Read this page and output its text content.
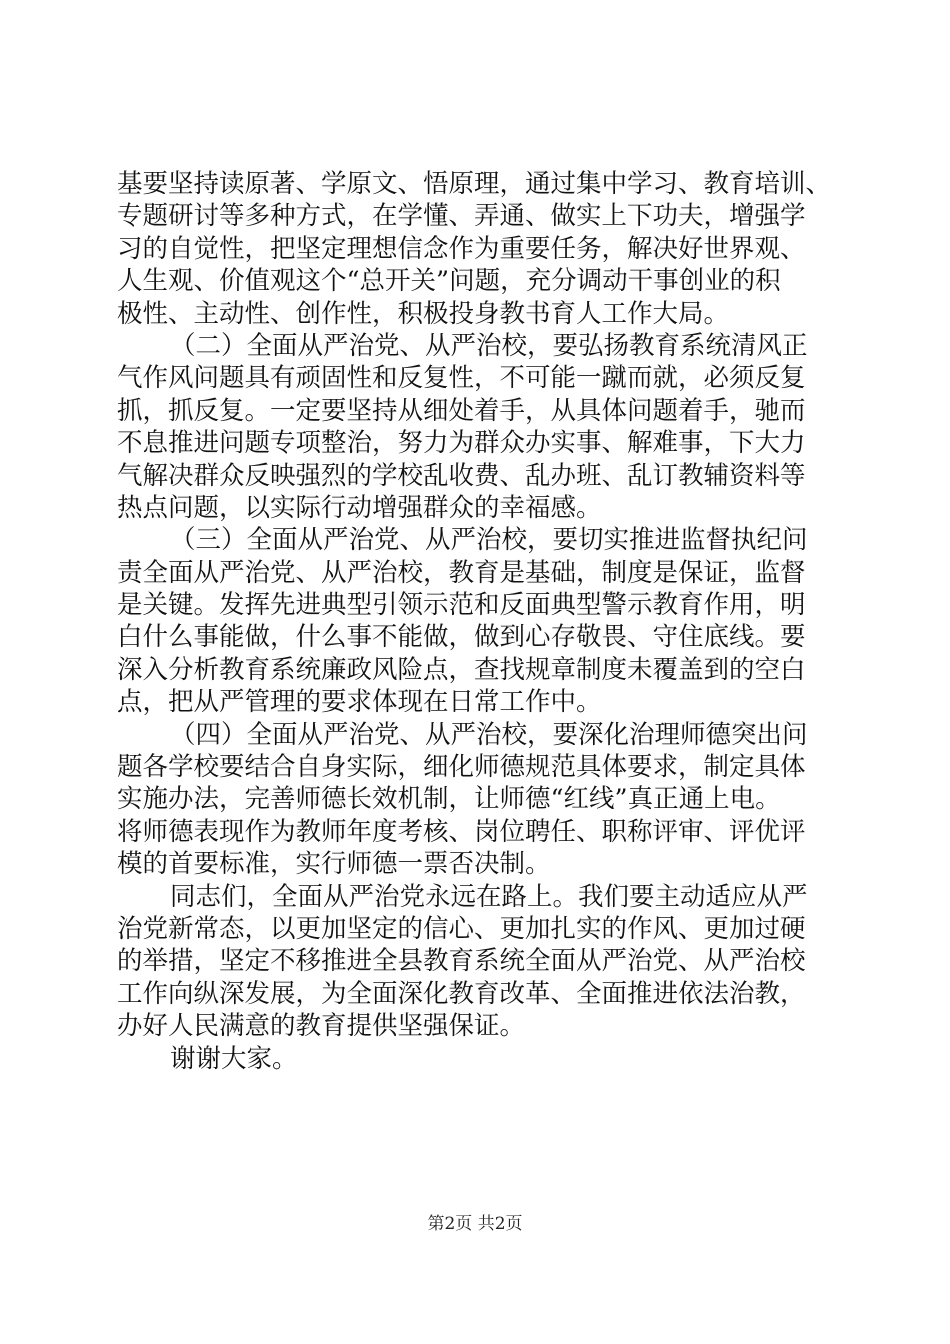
基要坚持读原著、学原文、悟原理，通过集中学习、教育培训、
专题研讨等多种方式，在学懂、弄通、做实上下功夫，增强学
习的自觉性，把坚定理想信念作为重要任务，解决好世界观、
人生观、价值观这个“总开关”问题，充分调动干事创业的积
极性、主动性、创作性，积极投身教书育人工作大局。
（二）全面从严治党、从严治校，要弘扬教育系统清风正
气作风问题具有顽固性和反复性，不可能一蹴而就，必须反复
抓，抓反复。一定要坚持从细处着手，从具体问题着手，驰而
不息推进问题专项整治，努力为群众办实事、解难事，下大力
气解决群众反映强烈的学校乱收费、乱办班、乱订教辅资料等
热点问题，以实际行动增强群众的幸福感。
（三）全面从严治党、从严治校，要切实推进监督执纪问
责全面从严治党、从严治校，教育是基础，制度是保证，监督
是关键。发挥先进典型引领示范和反面典型警示教育作用，明
白什么事能做，什么事不能做，做到心存敬畏、守住底线。要
深入分析教育系统廉政风险点，查找规章制度未覆盖到的空白
点，把从严管理的要求体现在日常工作中。
（四）全面从严治党、从严治校，要深化治理师德突出问
题各学校要结合自身实际，细化师德规范具体要求，制定具体
实施办法，完善师德长效机制，让师德“红线”真正通上电。
将师德表现作为教师年度考核、岗位聘任、职称评审、评优评
模的首要标准，实行师德一票否决制。
同志们，全面从严治党永远在路上。我们要主动适应从严
治党新常态，以更加坚定的信心、更加扎实的作风、更加过硬
的举措，坚定不移推进全县教育系统全面从严治党、从严治校
工作向纵深发展，为全面深化教育改革、全面推进依法治教，
办好人民满意的教育提供坚强保证。
谢谢大家。
第2页 共2页
